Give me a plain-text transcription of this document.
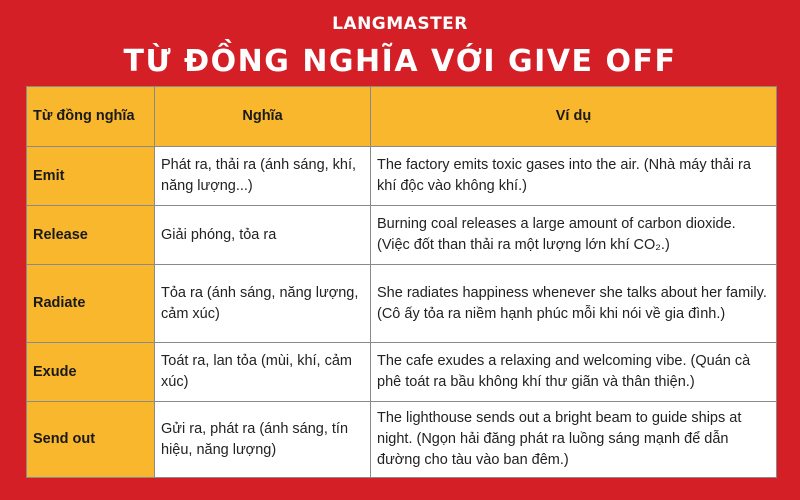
LANGMASTER
TỪ ĐỒNG NGHĨA VỚI GIVE OFF
Từ đồng nghĩa	Nghĩa	Ví dụ
Emit	Phát ra, thải ra (ánh sáng, khí, năng lượng...)	The factory emits toxic gases into the air. (Nhà máy thải ra khí độc vào không khí.)
Release	Giải phóng, tỏa ra	Burning coal releases a large amount of carbon dioxide. (Việc đốt than thải ra một lượng lớn khí CO₂.)
Radiate	Tỏa ra (ánh sáng, năng lượng, cảm xúc)	She radiates happiness whenever she talks about her family. (Cô ấy tỏa ra niềm hạnh phúc mỗi khi nói về gia đình.)
Exude	Toát ra, lan tỏa (mùi, khí, cảm xúc)	The cafe exudes a relaxing and welcoming vibe. (Quán cà phê toát ra bầu không khí thư giãn và thân thiện.)
Send out	Gửi ra, phát ra (ánh sáng, tín hiệu, năng lượng)	The lighthouse sends out a bright beam to guide ships at night. (Ngọn hải đăng phát ra luồng sáng mạnh để dẫn đường cho tàu vào ban đêm.)
